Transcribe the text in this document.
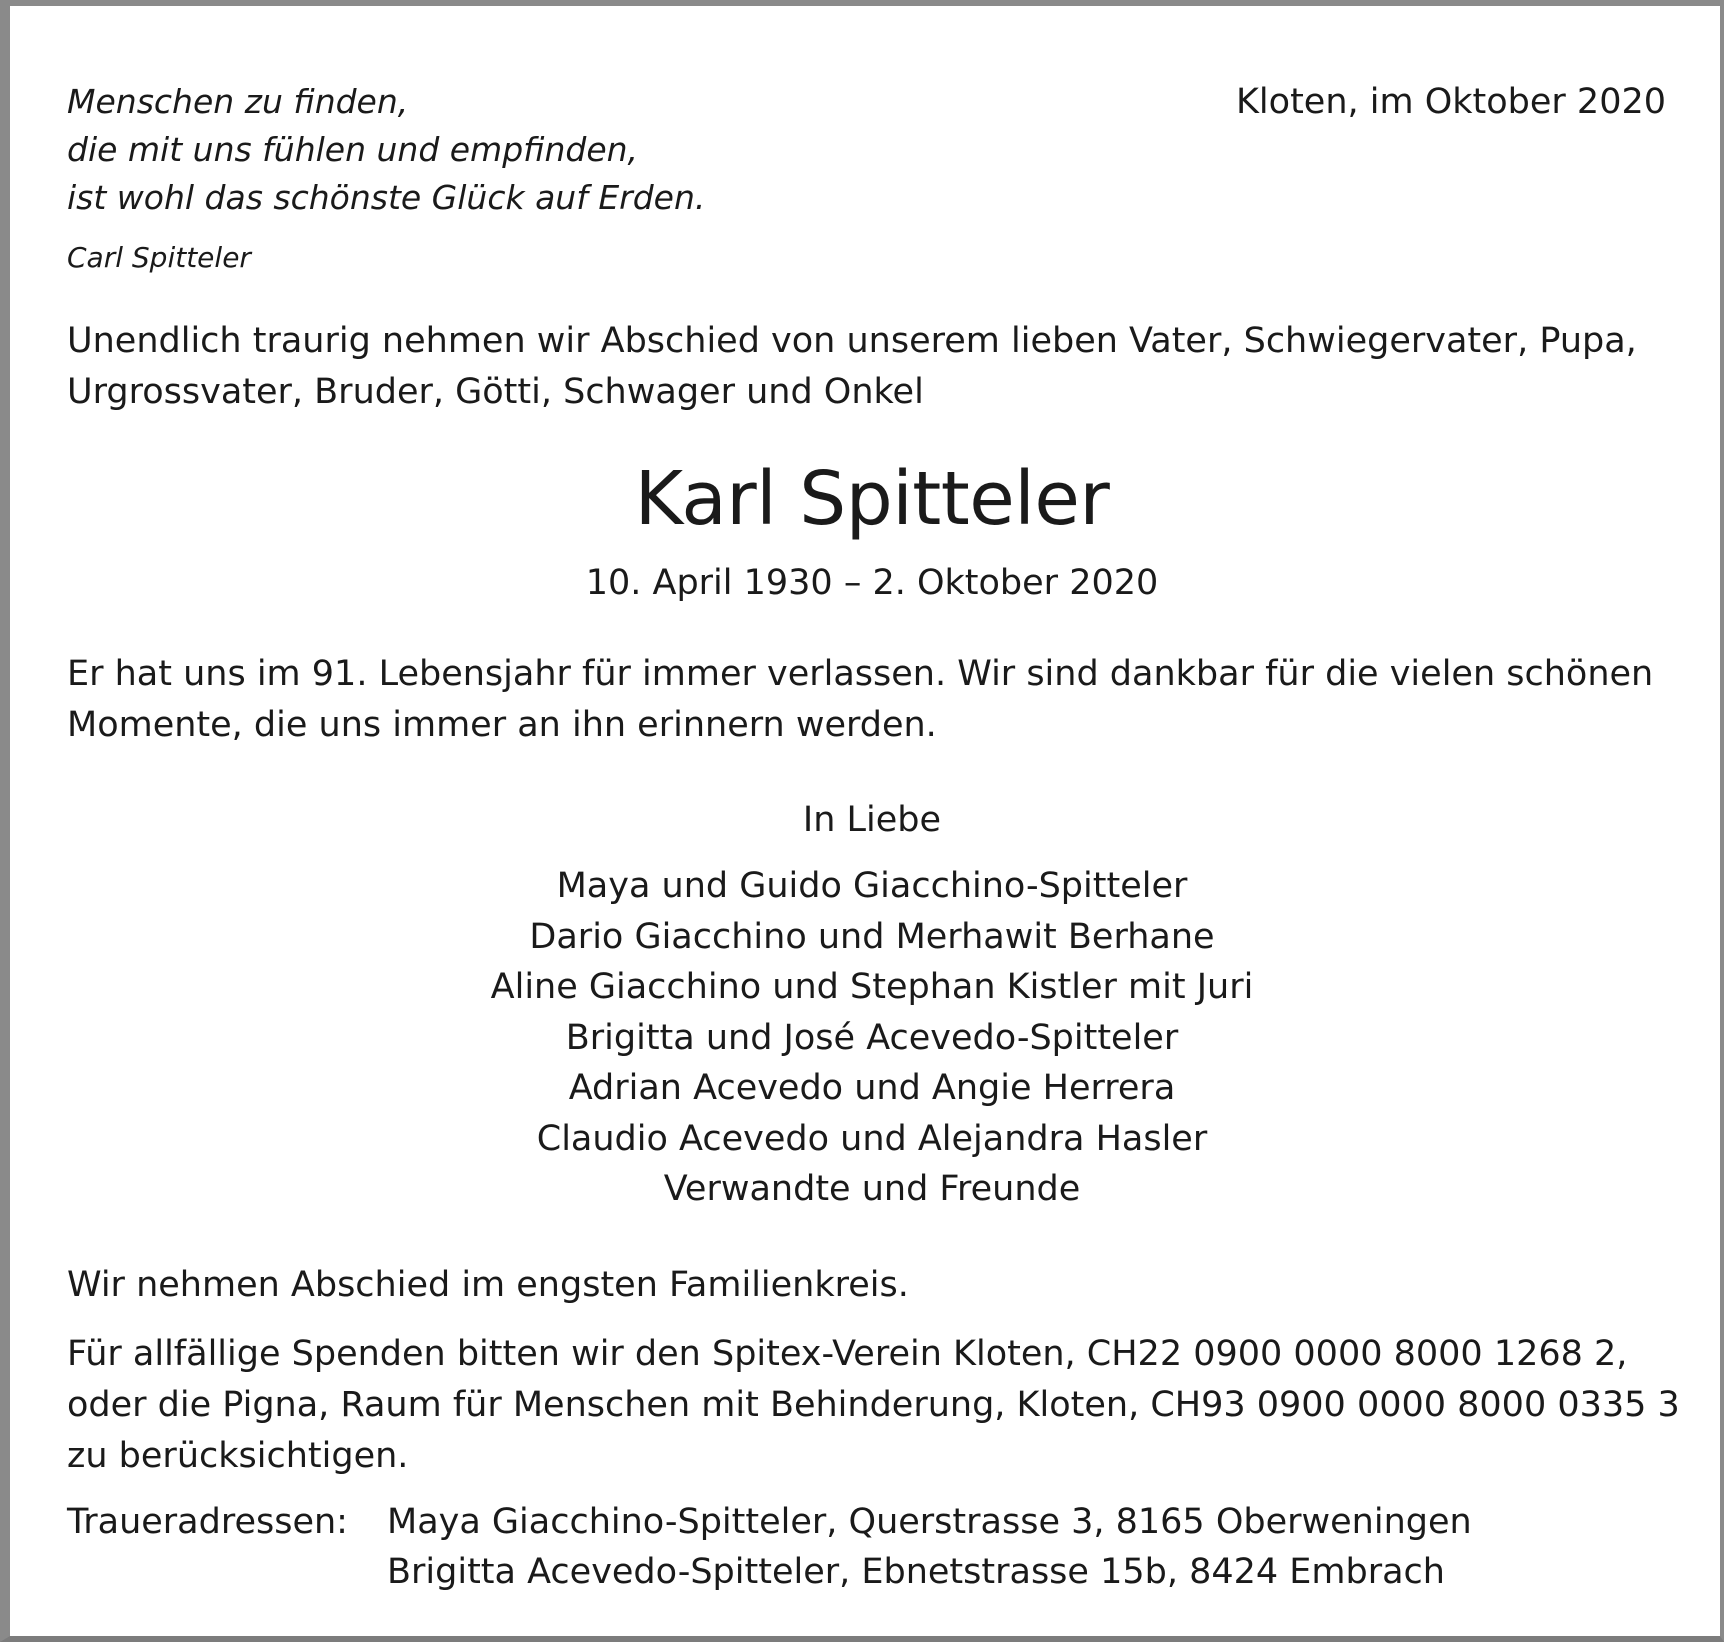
Menschen zu finden,
die mit uns fühlen und empfinden,
ist wohl das schönste Glück auf Erden.
Carl Spitteler
Kloten, im Oktober 2020
Unendlich traurig nehmen wir Abschied von unserem lieben Vater, Schwiegervater, Pupa,
Urgrossvater, Bruder, Götti, Schwager und Onkel
Karl Spitteler
10. April 1930 – 2. Oktober 2020
Er hat uns im 91. Lebensjahr für immer verlassen. Wir sind dankbar für die vielen schönen
Momente, die uns immer an ihn erinnern werden.
In Liebe
Maya und Guido Giacchino-Spitteler
Dario Giacchino und Merhawit Berhane
Aline Giacchino und Stephan Kistler mit Juri
Brigitta und José Acevedo-Spitteler
Adrian Acevedo und Angie Herrera
Claudio Acevedo und Alejandra Hasler
Verwandte und Freunde
Wir nehmen Abschied im engsten Familienkreis.
Für allfällige Spenden bitten wir den Spitex-Verein Kloten, CH22 0900 0000 8000 1268 2,
oder die Pigna, Raum für Menschen mit Behinderung, Kloten, CH93 0900 0000 8000 0335 3
zu berücksichtigen.
Traueradressen: Maya Giacchino-Spitteler, Querstrasse 3, 8165 Oberweningen
Brigitta Acevedo-Spitteler, Ebnetstrasse 15b, 8424 Embrach
